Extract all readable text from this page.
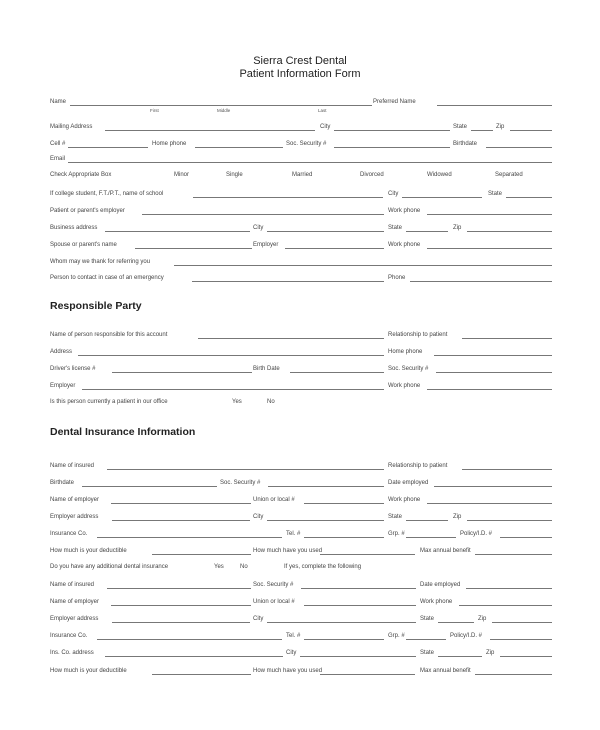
Sierra Crest Dental
Patient Information Form
Name	Preferred Name
First	Middle	Last
Mailing Address	City	State	Zip
Cell #	Home phone	Soc. Security #	Birthdate
Email
Check Appropriate Box	Minor	Single	Married	Divorced	Widowed	Separated
If college student, F.T./P.T., name of school	City	State
Patient or parent's employer	Work phone
Business address	City	State	Zip
Spouse or parent's name	Employer	Work phone
Whom may we thank for referring you
Person to contact in case of an emergency	Phone
Responsible Party
Name of person responsible for this account	Relationship to patient
Address	Home phone
Driver's license #	Birth Date	Soc. Security #
Employer	Work phone
Is this person currently a patient in our office	Yes	No
Dental Insurance Information
Name of insured	Relationship to patient
Birthdate	Soc. Security #	Date employed
Name of employer	Union or local #	Work phone
Employer address	City	State	Zip
Insurance Co.	Tel. #	Grp. #	Policy/I.D. #
How much is your deductible	How much have you used	Max annual benefit
Do you have any additional dental insurance	Yes	No	If yes, complete the following
Name of insured	Soc. Security #	Date employed
Name of employer	Union or local #	Work phone
Employer address	City	State	Zip
Insurance Co.	Tel. #	Grp. #	Policy/I.D. #
Ins. Co. address	City	State	Zip
How much is your deductible	How much have you used	Max annual benefit
